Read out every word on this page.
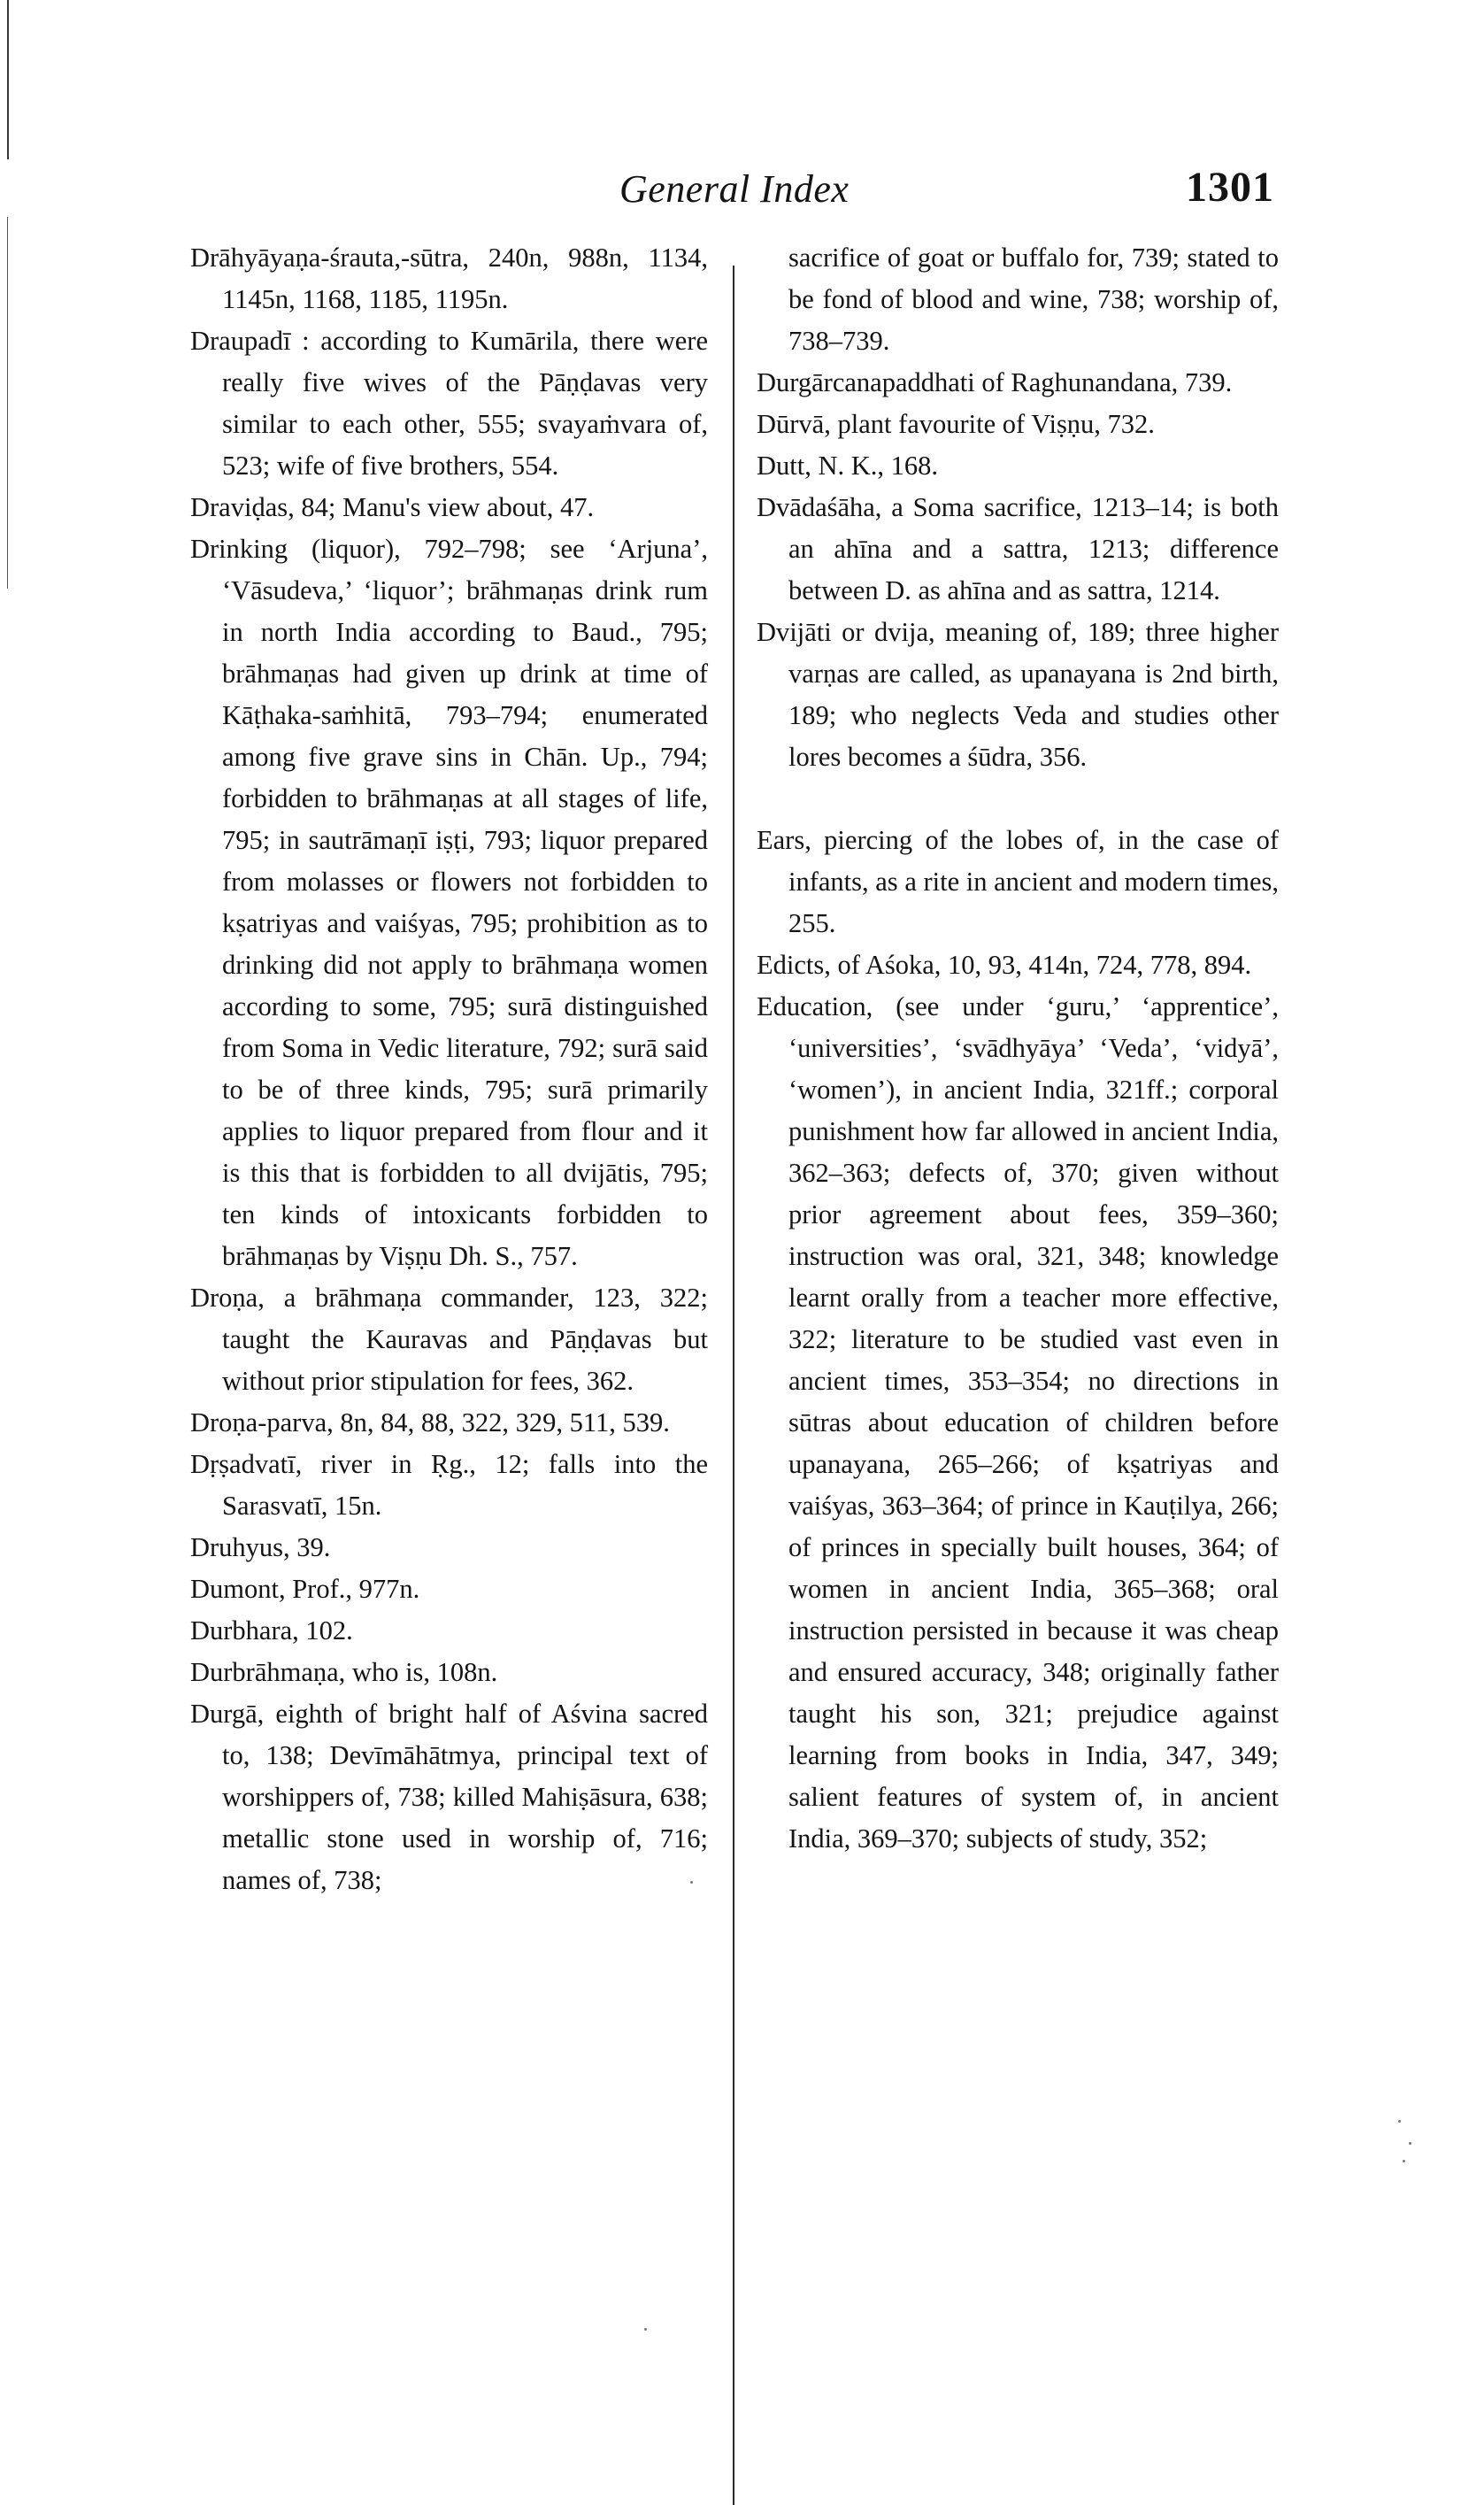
General Index	1301

Drāhyāyaṇa-śrauta,-sūtra, 240n, 988n, 1134, 1145n, 1168, 1185, 1195n.

Draupadī : according to Kumārila, there were really five wives of the Pāṇḍavas very similar to each other, 555; svayaṁvara of, 523; wife of five brothers, 554.

Draviḍas, 84; Manu's view about, 47.

Drinking (liquor), 792–798; see ‘Arjuna’, ‘Vāsudeva,’ ‘liquor’; brāhmaṇas drink rum in north India according to Baud., 795; brāhmaṇas had given up drink at time of Kāṭhaka-saṁhitā, 793–794; enumerated among five grave sins in Chān. Up., 794; forbidden to brāhmaṇas at all stages of life, 795; in sautrāmaṇī iṣṭi, 793; liquor prepared from molasses or flowers not forbidden to kṣatriyas and vaiśyas, 795; prohibition as to drinking did not apply to brāhmaṇa women according to some, 795; surā distinguished from Soma in Vedic literature, 792; surā said to be of three kinds, 795; surā primarily applies to liquor prepared from flour and it is this that is forbidden to all dvijātis, 795; ten kinds of intoxicants forbidden to brāhmaṇas by Viṣṇu Dh. S., 757.

Droṇa, a brāhmaṇa commander, 123, 322; taught the Kauravas and Pāṇḍavas but without prior stipulation for fees, 362.

Droṇa-parva, 8n, 84, 88, 322, 329, 511, 539.

Dṛṣadvatī, river in Ṛg., 12; falls into the Sarasvatī, 15n.

Druhyus, 39.

Dumont, Prof., 977n.

Durbhara, 102.

Durbrāhmaṇa, who is, 108n.

Durgā, eighth of bright half of Aśvina sacred to, 138; Devīmāhātmya, principal text of worshippers of, 738; killed Mahiṣāsura, 638; metallic stone used in worship of, 716; names of, 738;

sacrifice of goat or buffalo for, 739; stated to be fond of blood and wine, 738; worship of, 738–739.

Durgārcanapaddhati of Raghunandana, 739.

Dūrvā, plant favourite of Viṣṇu, 732.

Dutt, N. K., 168.

Dvādaśāha, a Soma sacrifice, 1213–14; is both an ahīna and a sattra, 1213; difference between D. as ahīna and as sattra, 1214.

Dvijāti or dvija, meaning of, 189; three higher varṇas are called, as upanayana is 2nd birth, 189; who neglects Veda and studies other lores becomes a śūdra, 356.

Ears, piercing of the lobes of, in the case of infants, as a rite in ancient and modern times, 255.

Edicts, of Aśoka, 10, 93, 414n, 724, 778, 894.

Education, (see under ‘guru,’ ‘apprentice’, ‘universities’, ‘svādhyāya’ ‘Veda’, ‘vidyā’, ‘women’), in ancient India, 321ff.; corporal punishment how far allowed in ancient India, 362–363; defects of, 370; given without prior agreement about fees, 359–360; instruction was oral, 321, 348; knowledge learnt orally from a teacher more effective, 322; literature to be studied vast even in ancient times, 353–354; no directions in sūtras about education of children before upanayana, 265–266; of kṣatriyas and vaiśyas, 363–364; of prince in Kauṭilya, 266; of princes in specially built houses, 364; of women in ancient India, 365–368; oral instruction persisted in because it was cheap and ensured accuracy, 348; originally father taught his son, 321; prejudice against learning from books in India, 347, 349; salient features of system of, in ancient India, 369–370; subjects of study, 352;
